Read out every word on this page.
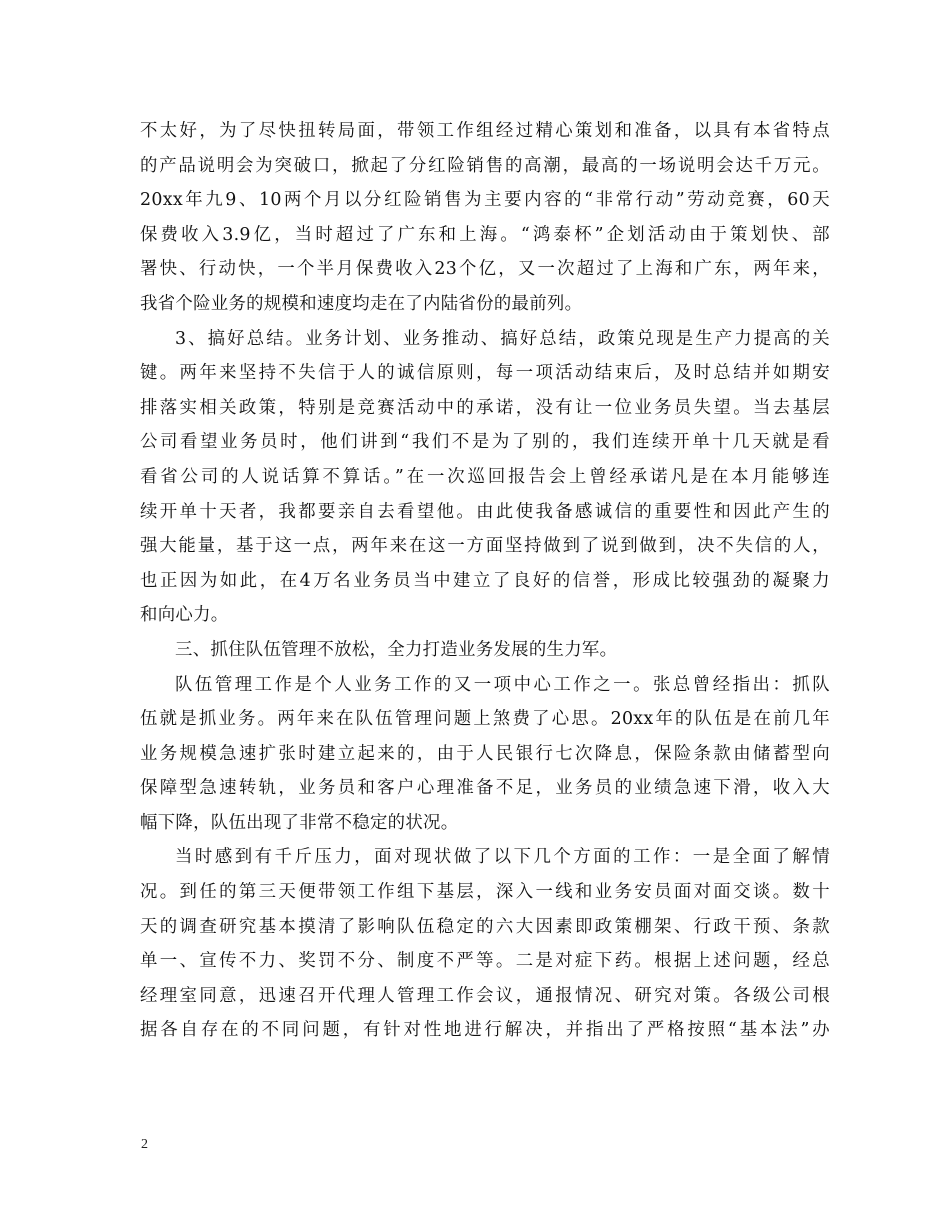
不太好，为了尽快扭转局面，带领工作组经过精心策划和准备，以具有本省特点
的产品说明会为突破口，掀起了分红险销售的高潮，最高的一场说明会达千万元。
20xx年九9、10两个月以分红险销售为主要内容的“非常行动”劳动竞赛，60天
保费收入3.9亿，当时超过了广东和上海。“鸿泰杯”企划活动由于策划快、部
署快、行动快，一个半月保费收入23个亿，又一次超过了上海和广东，两年来，
我省个险业务的规模和速度均走在了内陆省份的最前列。
3、搞好总结。业务计划、业务推动、搞好总结，政策兑现是生产力提高的关
键。两年来坚持不失信于人的诚信原则，每一项活动结束后，及时总结并如期安
排落实相关政策，特别是竞赛活动中的承诺，没有让一位业务员失望。当去基层
公司看望业务员时，他们讲到“我们不是为了别的，我们连续开单十几天就是看
看省公司的人说话算不算话。”在一次巡回报告会上曾经承诺凡是在本月能够连
续开单十天者，我都要亲自去看望他。由此使我备感诚信的重要性和因此产生的
强大能量，基于这一点，两年来在这一方面坚持做到了说到做到，决不失信的人，
也正因为如此，在4万名业务员当中建立了良好的信誉，形成比较强劲的凝聚力
和向心力。
三、抓住队伍管理不放松，全力打造业务发展的生力军。
队伍管理工作是个人业务工作的又一项中心工作之一。张总曾经指出：抓队
伍就是抓业务。两年来在队伍管理问题上煞费了心思。20xx年的队伍是在前几年
业务规模急速扩张时建立起来的，由于人民银行七次降息，保险条款由储蓄型向
保障型急速转轨，业务员和客户心理准备不足，业务员的业绩急速下滑，收入大
幅下降，队伍出现了非常不稳定的状况。
当时感到有千斤压力，面对现状做了以下几个方面的工作：一是全面了解情
况。到任的第三天便带领工作组下基层，深入一线和业务安员面对面交谈。数十
天的调查研究基本摸清了影响队伍稳定的六大因素即政策棚架、行政干预、条款
单一、宣传不力、奖罚不分、制度不严等。二是对症下药。根据上述问题，经总
经理室同意，迅速召开代理人管理工作会议，通报情况、研究对策。各级公司根
据各自存在的不同问题，有针对性地进行解决，并指出了严格按照“基本法”办
2
